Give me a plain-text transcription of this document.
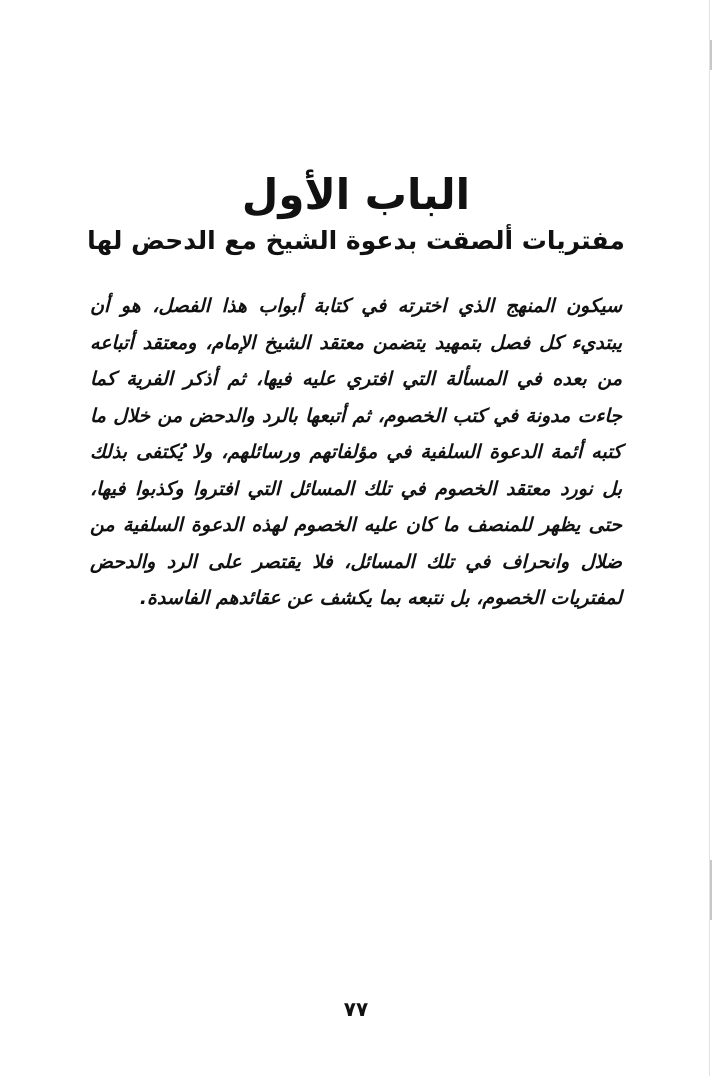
الباب الأول
مفتريات ألصقت بدعوة الشيخ مع الدحض لها

سيكون المنهج الذي اخترته في كتابة أبواب هذا الفصل، هو أن يبتديء كل فصل بتمهيد يتضمن معتقد الشيخ الإمام، ومعتقد أتباعه من بعده في المسألة التي افتري عليه فيها، ثم أذكر الفرية كما جاءت مدونة في كتب الخصوم، ثم أتبعها بالرد والدحض من خلال ما كتبه أئمة الدعوة السلفية في مؤلفاتهم ورسائلهم، ولا يُكتفى بذلك بل نورد معتقد الخصوم في تلك المسائل التي افتروا وكذبوا فيها، حتى يظهر للمنصف ما كان عليه الخصوم لهذه الدعوة السلفية من ضلال وانحراف في تلك المسائل، فلا يقتصر على الرد والدحض لمفتريات الخصوم، بل نتبعه بما يكشف عن عقائدهم الفاسدة.

٧٧
